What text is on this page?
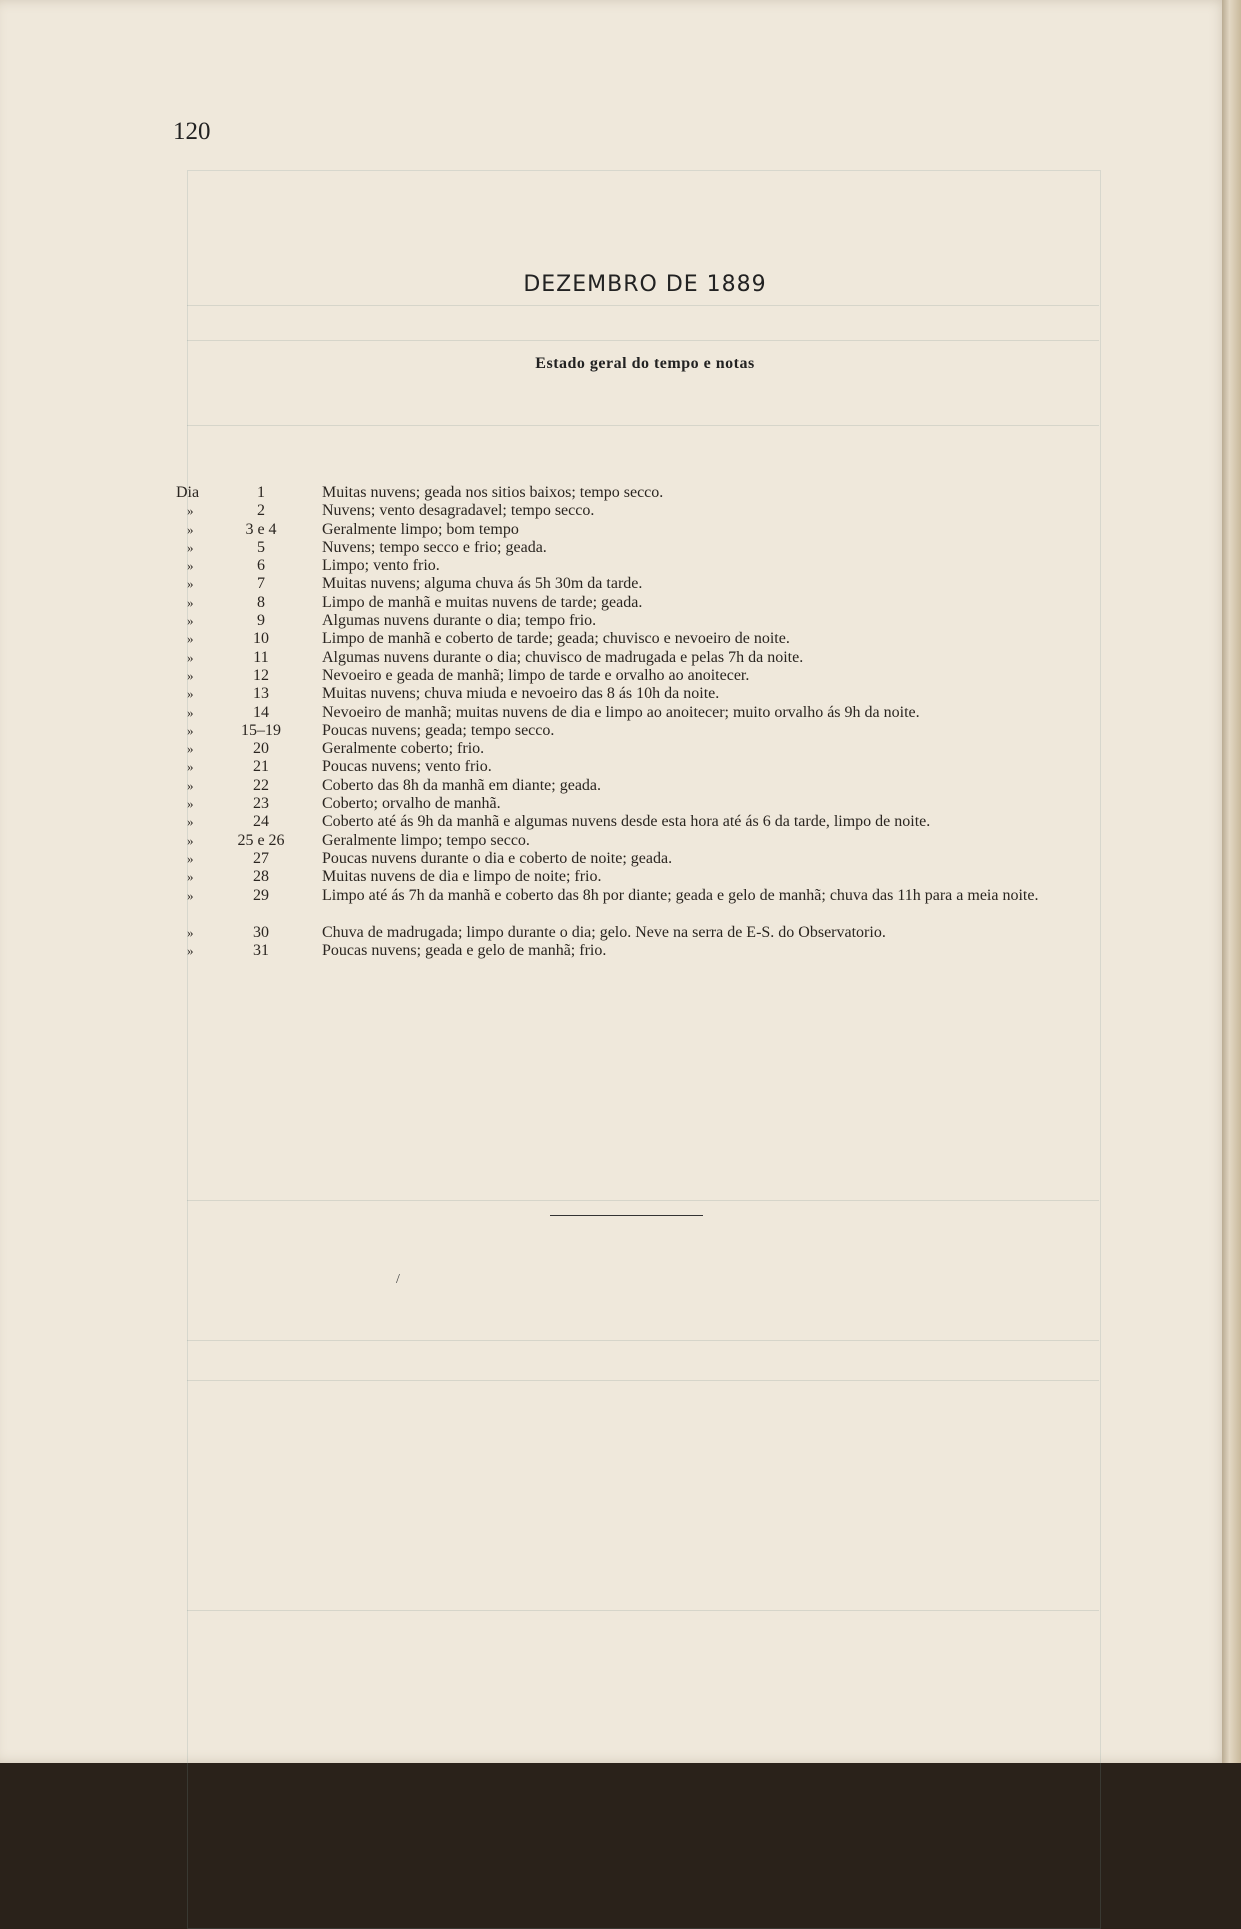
120
DEZEMBRO DE 1889
Estado geral do tempo e notas
Dia	1	Muitas nuvens; geada nos sitios baixos; tempo secco.
»	2	Nuvens; vento desagradavel; tempo secco.
»	3 e 4	Geralmente limpo; bom tempo
»	5	Nuvens; tempo secco e frio; geada.
»	6	Limpo; vento frio.
»	7	Muitas nuvens; alguma chuva ás 5h 30m da tarde.
»	8	Limpo de manhã e muitas nuvens de tarde; geada.
»	9	Algumas nuvens durante o dia; tempo frio.
»	10	Limpo de manhã e coberto de tarde; geada; chuvisco e nevoeiro de noite.
»	11	Algumas nuvens durante o dia; chuvisco de madrugada e pelas 7h da noite.
»	12	Nevoeiro e geada de manhã; limpo de tarde e orvalho ao anoitecer.
»	13	Muitas nuvens; chuva miuda e nevoeiro das 8 ás 10h da noite.
»	14	Nevoeiro de manhã; muitas nuvens de dia e limpo ao anoitecer; muito orvalho ás 9h da noite.
»	15–19	Poucas nuvens; geada; tempo secco.
»	20	Geralmente coberto; frio.
»	21	Poucas nuvens; vento frio.
»	22	Coberto das 8h da manhã em diante; geada.
»	23	Coberto; orvalho de manhã.
»	24	Coberto até ás 9h da manhã e algumas nuvens desde esta hora até ás 6 da tarde, limpo de noite.
»	25 e 26	Geralmente limpo; tempo secco.
»	27	Poucas nuvens durante o dia e coberto de noite; geada.
»	28	Muitas nuvens de dia e limpo de noite; frio.
»	29	Limpo até ás 7h da manhã e coberto das 8h por diante; geada e gelo de manhã; chuva das 11h para a meia noite.
»	30	Chuva de madrugada; limpo durante o dia; gelo. Neve na serra de E-S. do Observatorio.
»	31	Poucas nuvens; geada e gelo de manhã; frio.
/
